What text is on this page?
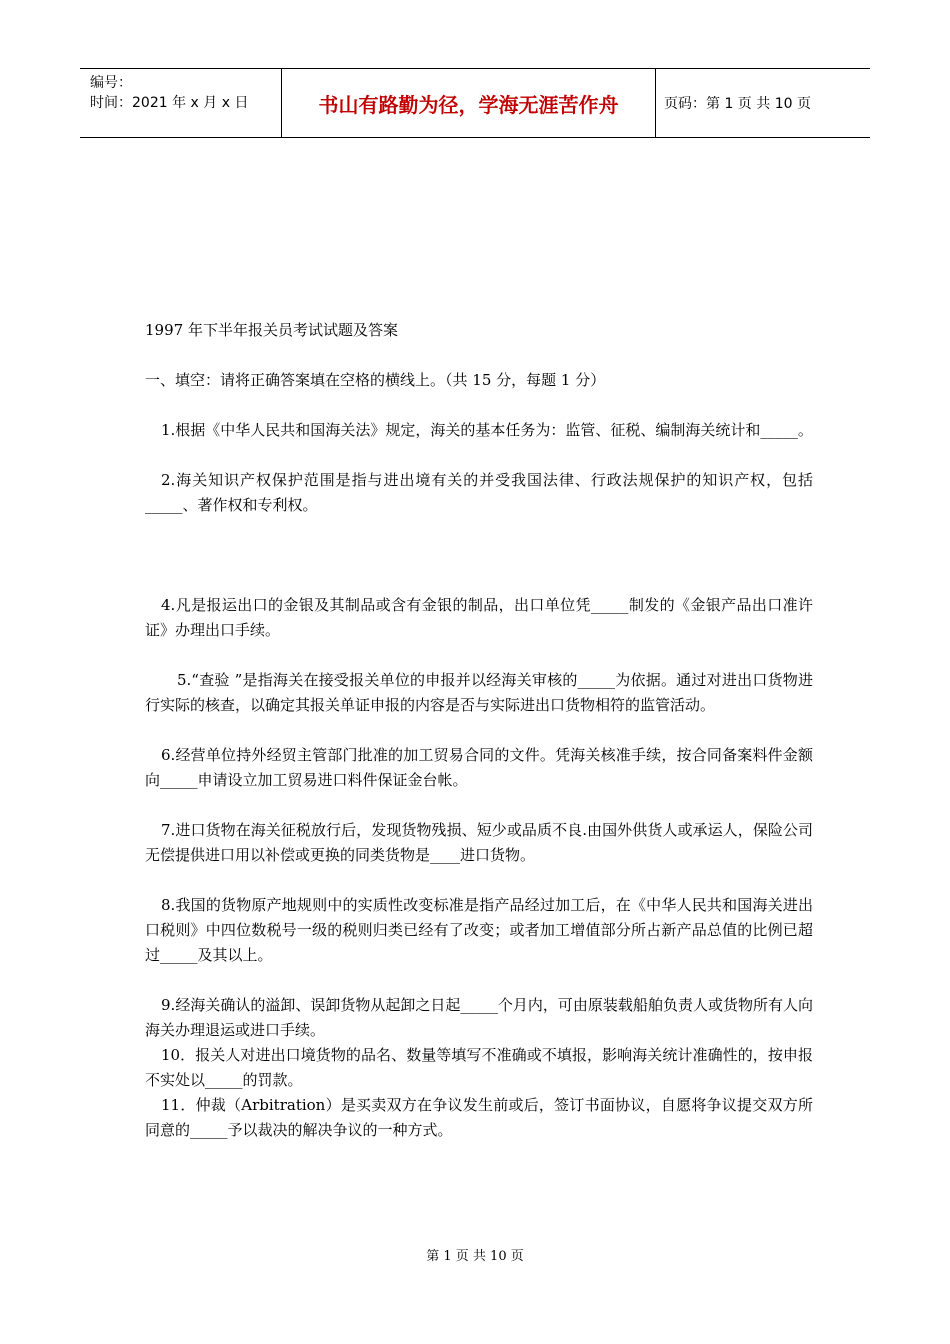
编号：
时间：2021 年 x 月 x 日	书山有路勤为径，学海无涯苦作舟	页码：第 1 页 共 10 页

1997 年下半年报关员考试试题及答案

一、填空：请将正确答案填在空格的横线上。（共 15 分，每题 1 分）

1.根据《中华人民共和国海关法》规定，海关的基本任务为：监管、征税、编制海关统计和_____。

2.海关知识产权保护范围是指与进出境有关的并受我国法律、行政法规保护的知识产权，包括_____、著作权和专利权。

4.凡是报运出口的金银及其制品或含有金银的制品，出口单位凭_____制发的《金银产品出口准许证》办理出口手续。

5.“查验 ”是指海关在接受报关单位的申报并以经海关审核的_____为依据。通过对进出口货物进行实际的核查，以确定其报关单证申报的内容是否与实际进出口货物相符的监管活动。

6.经营单位持外经贸主管部门批准的加工贸易合同的文件。凭海关核准手续，按合同备案料件金额向_____申请设立加工贸易进口料件保证金台帐。

7.进口货物在海关征税放行后，发现货物残损、短少或品质不良.由国外供货人或承运人，保险公司无偿提供进口用以补偿或更换的同类货物是____进口货物。

8.我国的货物原产地规则中的实质性改变标准是指产品经过加工后，在《中华人民共和国海关进出口税则》中四位数税号一级的税则归类已经有了改变；或者加工增值部分所占新产品总值的比例已超过_____及其以上。

9.经海关确认的溢卸、误卸货物从起卸之日起_____个月内，可由原装载船舶负责人或货物所有人向海关办理退运或进口手续。

10．报关人对进出口境货物的品名、数量等填写不准确或不填报，影响海关统计准确性的，按申报不实处以_____的罚款。

11．仲裁（Arbitration）是买卖双方在争议发生前或后，签订书面协议，自愿将争议提交双方所同意的_____予以裁决的解决争议的一种方式。

第 1 页 共 10 页
